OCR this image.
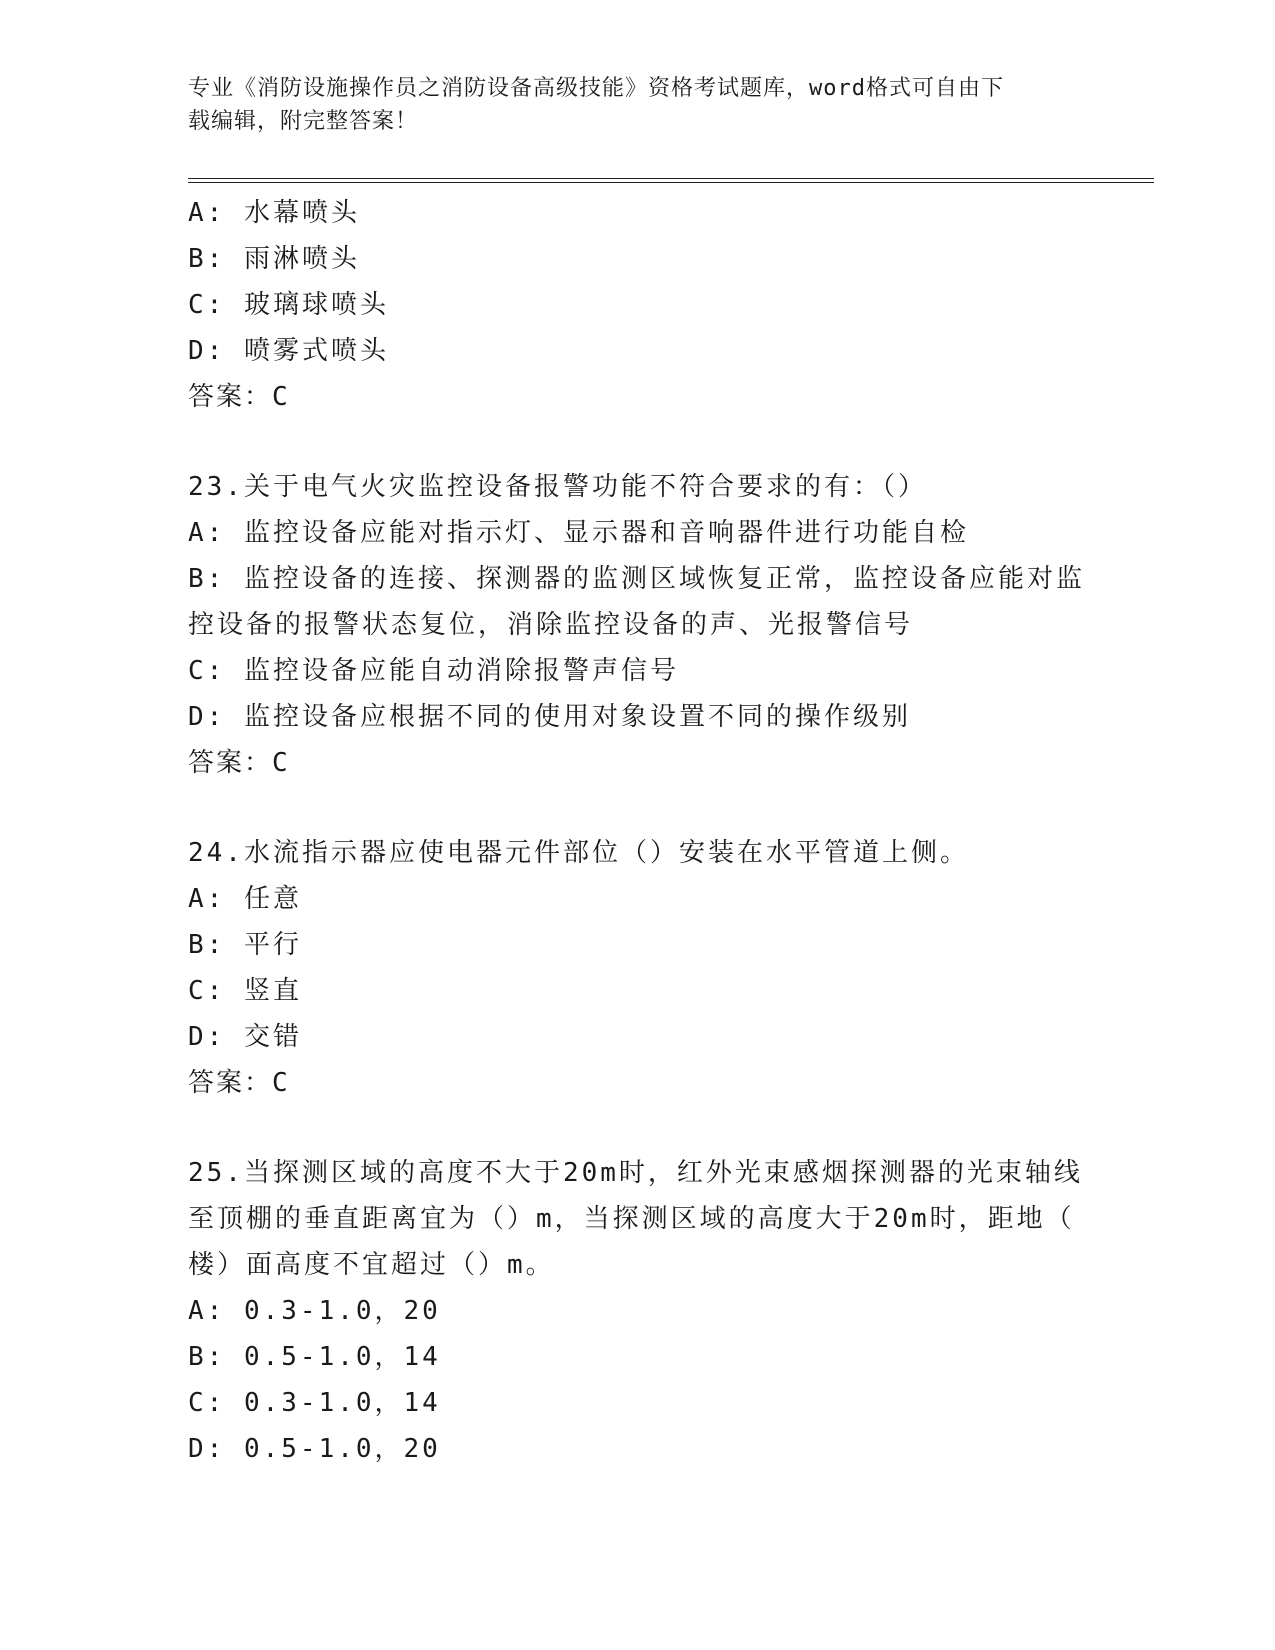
专业《消防设施操作员之消防设备高级技能》资格考试题库，word格式可自由下
载编辑，附完整答案！
A: 水幕喷头
B: 雨淋喷头
C: 玻璃球喷头
D: 喷雾式喷头
答案：C
23.关于电气火灾监控设备报警功能不符合要求的有：（）
A: 监控设备应能对指示灯、显示器和音响器件进行功能自检
B: 监控设备的连接、探测器的监测区域恢复正常，监控设备应能对监
控设备的报警状态复位，消除监控设备的声、光报警信号
C: 监控设备应能自动消除报警声信号
D: 监控设备应根据不同的使用对象设置不同的操作级别
答案：C
24.水流指示器应使电器元件部位（）安装在水平管道上侧。
A: 任意
B: 平行
C: 竖直
D: 交错
答案：C
25.当探测区域的高度不大于20m时，红外光束感烟探测器的光束轴线
至顶棚的垂直距离宜为（）m，当探测区域的高度大于20m时，距地（
楼）面高度不宜超过（）m。
A: 0.3-1.0，20
B: 0.5-1.0，14
C: 0.3-1.0，14
D: 0.5-1.0，20
